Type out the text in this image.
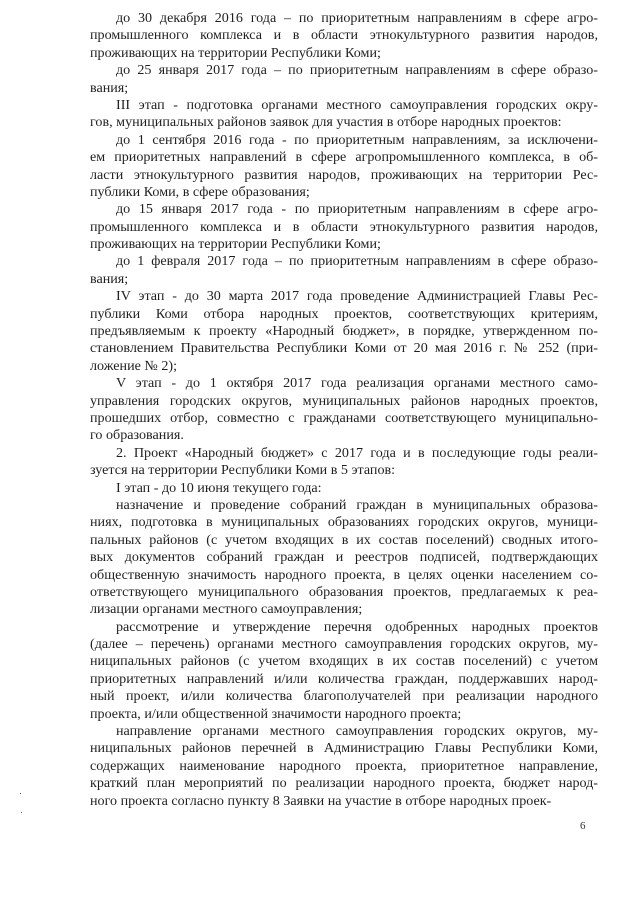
до 30 декабря 2016 года – по приоритетным направлениям в сфере агро-
промышленного комплекса и в области этнокультурного развития народов,
проживающих на территории Республики Коми;
до 25 января 2017 года – по приоритетным направлениям в сфере образо-
вания;
III этап - подготовка органами местного самоуправления городских окру-
гов, муниципальных районов заявок для участия в отборе народных проектов:
до 1 сентября 2016 года - по приоритетным направлениям, за исключени-
ем приоритетных направлений в сфере агропромышленного комплекса, в об-
ласти этнокультурного развития народов, проживающих на территории Рес-
публики Коми, в сфере образования;
до 15 января 2017 года - по приоритетным направлениям в сфере агро-
промышленного комплекса и в области этнокультурного развития народов,
проживающих на территории Республики Коми;
до 1 февраля 2017 года – по приоритетным направлениям в сфере образо-
вания;
IV этап - до 30 марта 2017 года проведение Администрацией Главы Рес-
публики Коми отбора народных проектов, соответствующих критериям,
предъявляемым к проекту «Народный бюджет», в порядке, утвержденном по-
становлением Правительства Республики Коми от 20 мая 2016 г. № 252 (при-
ложение № 2);
V этап - до 1 октября 2017 года реализация органами местного само-
управления городских округов, муниципальных районов народных проектов,
прошедших отбор, совместно с гражданами соответствующего муниципально-
го образования.
2. Проект «Народный бюджет» с 2017 года и в последующие годы реали-
зуется на территории Республики Коми в 5 этапов:
I этап - до 10 июня текущего года:
назначение и проведение собраний граждан в муниципальных образова-
ниях, подготовка в муниципальных образованиях городских округов, муници-
пальных районов (с учетом входящих в их состав поселений) сводных итого-
вых документов собраний граждан и реестров подписей, подтверждающих
общественную значимость народного проекта, в целях оценки населением со-
ответствующего муниципального образования проектов, предлагаемых к реа-
лизации органами местного самоуправления;
рассмотрение и утверждение перечня одобренных народных проектов
(далее – перечень) органами местного самоуправления городских округов, му-
ниципальных районов (с учетом входящих в их состав поселений) с учетом
приоритетных направлений и/или количества граждан, поддержавших народ-
ный проект, и/или количества благополучателей при реализации народного
проекта, и/или общественной значимости народного проекта;
направление органами местного самоуправления городских округов, му-
ниципальных районов перечней в Администрацию Главы Республики Коми,
содержащих наименование народного проекта, приоритетное направление,
краткий план мероприятий по реализации народного проекта, бюджет народ-
ного проекта согласно пункту 8 Заявки на участие в отборе народных проек-
6
